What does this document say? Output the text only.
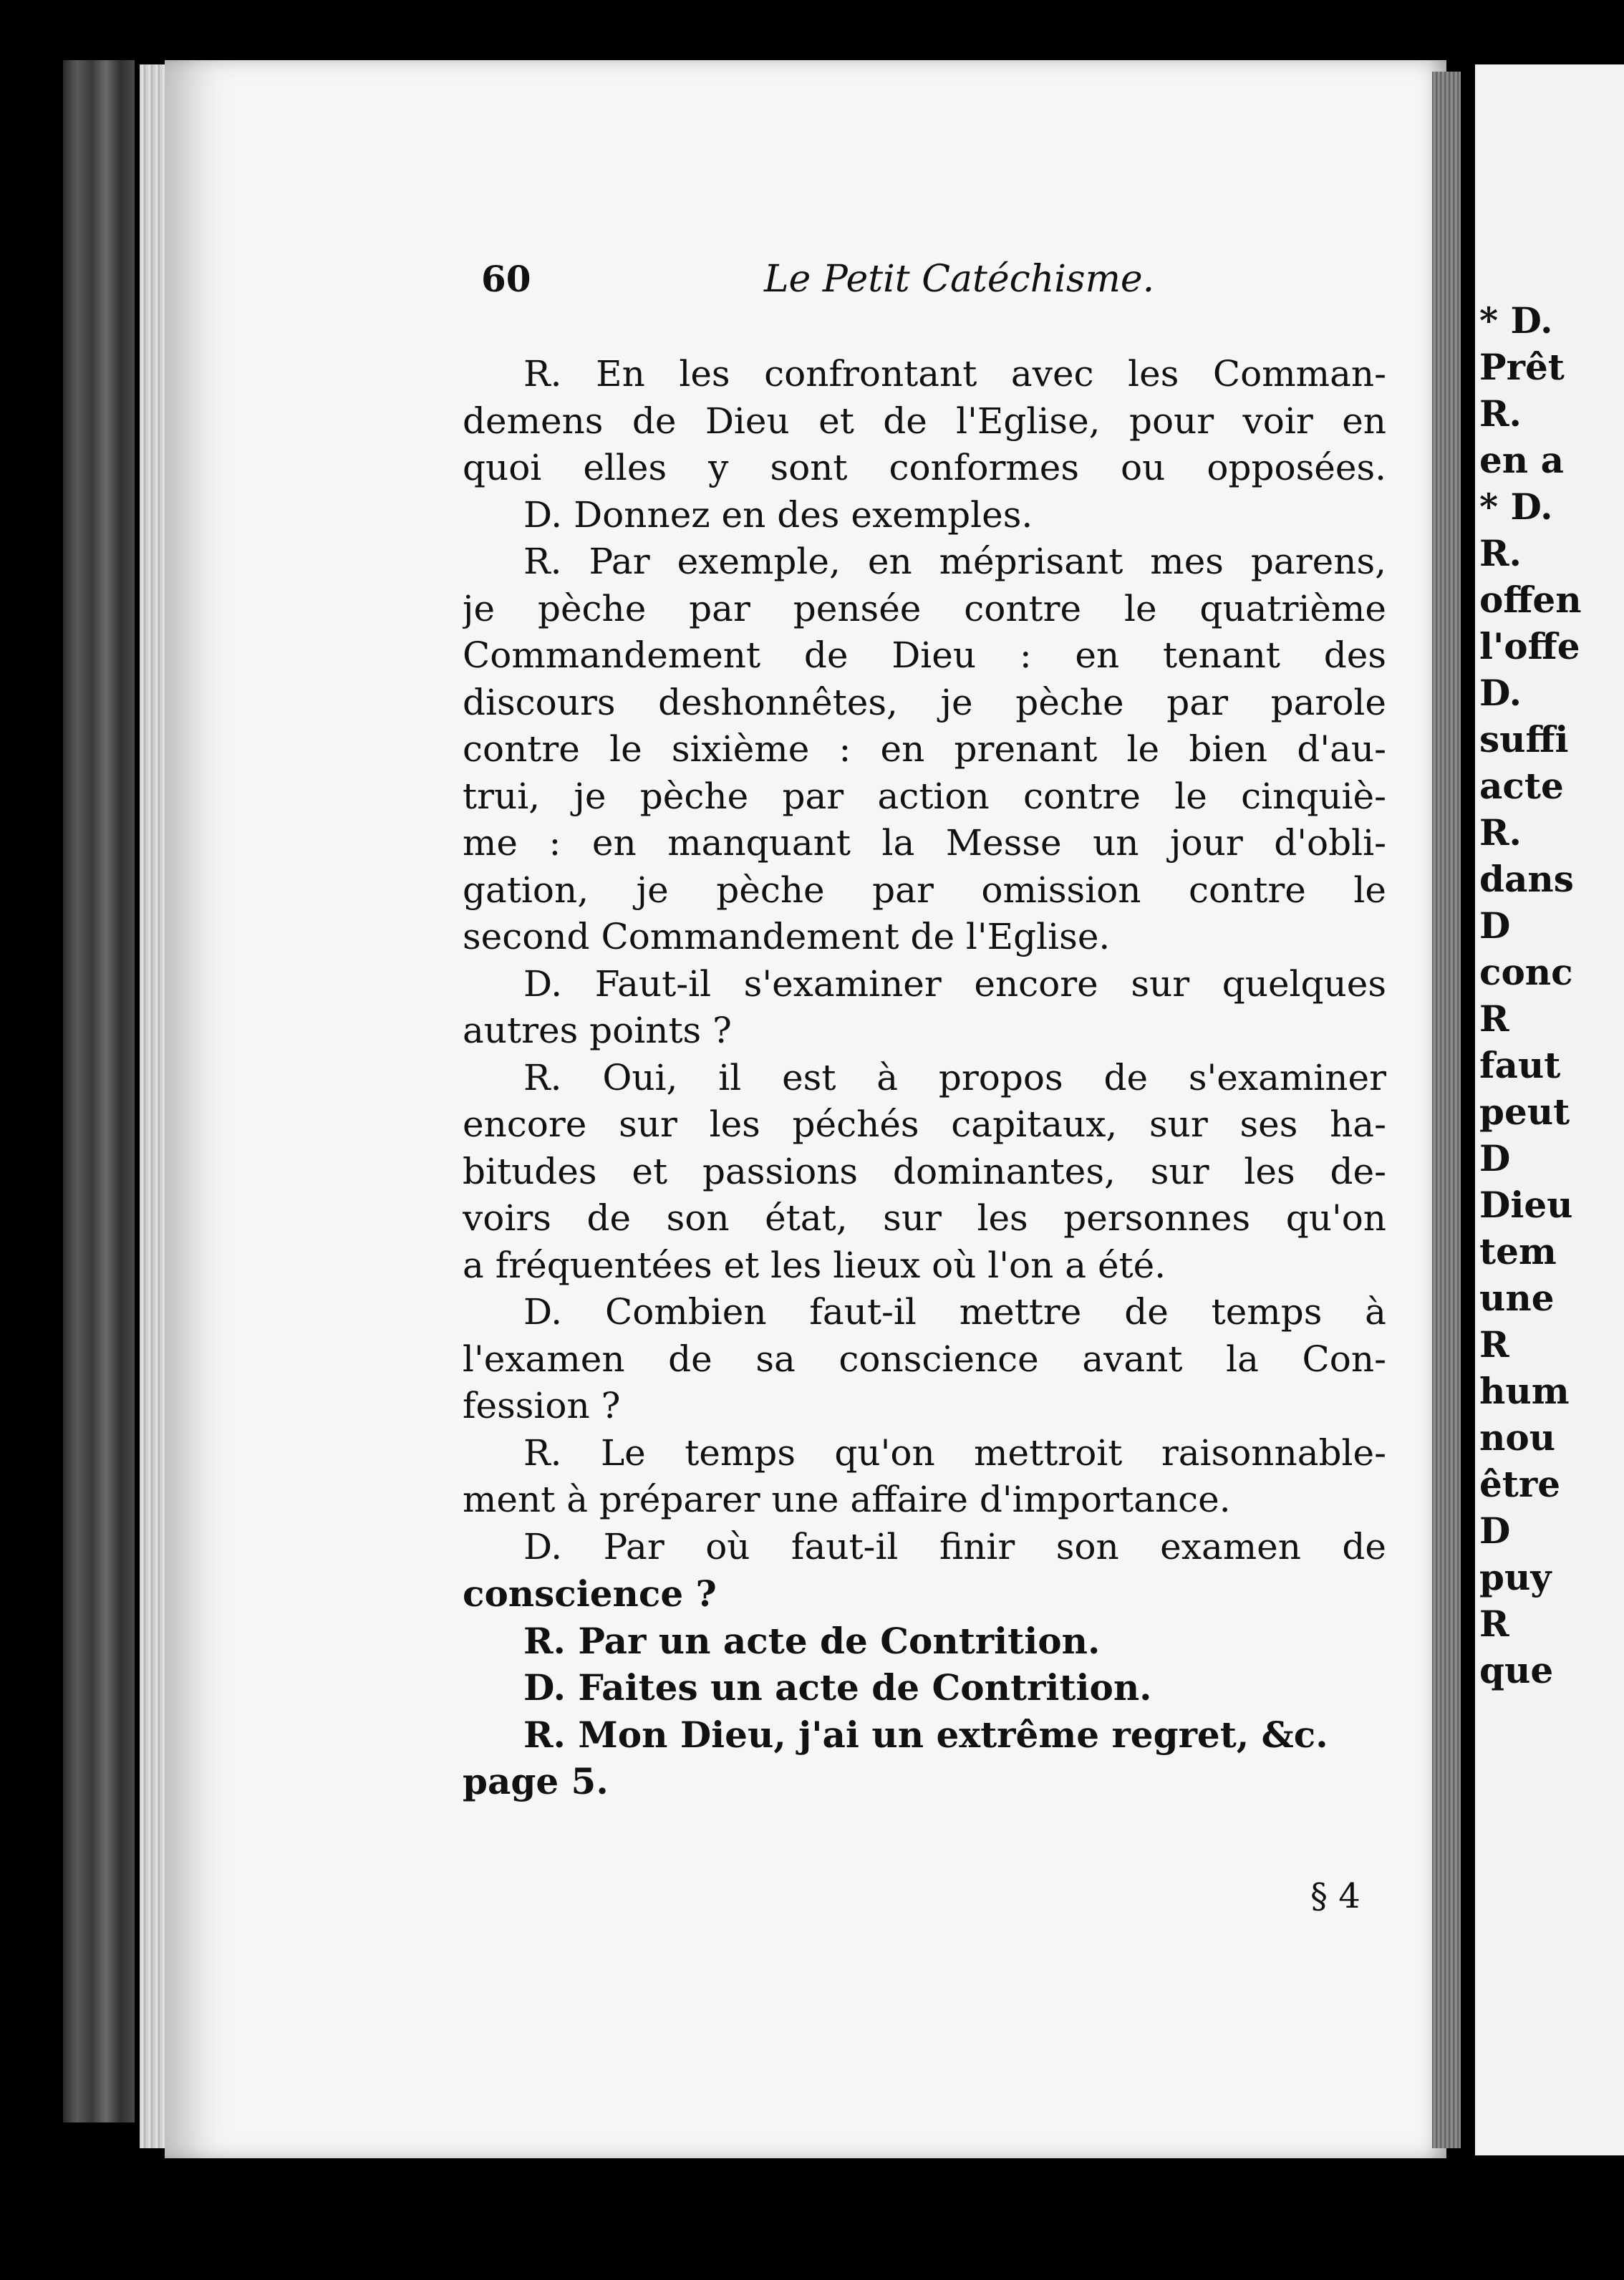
* D.
Prêt
R.
en a
* D.
R.
offen
l'offe
D.
suffi
acte
R.
dans
D
conc
R
faut
peut
D
Dieu
tem
une
R
hum
nou
être
D
puy
R
que
60	Le Petit Catéchisme.
R. En les confrontant avec les Comman-
demens de Dieu et de l'Eglise, pour voir en
quoi elles y sont conformes ou opposées.
D. Donnez en des exemples.
R. Par exemple, en méprisant mes parens,
je pèche par pensée contre le quatrième
Commandement de Dieu : en tenant des
discours deshonnêtes, je pèche par parole
contre le sixième : en prenant le bien d'au-
trui, je pèche par action contre le cinquiè-
me : en manquant la Messe un jour d'obli-
gation, je pèche par omission contre le
second Commandement de l'Eglise.
D. Faut-il s'examiner encore sur quelques
autres points ?
R. Oui, il est à propos de s'examiner
encore sur les péchés capitaux, sur ses ha-
bitudes et passions dominantes, sur les de-
voirs de son état, sur les personnes qu'on
a fréquentées et les lieux où l'on a été.
D. Combien faut-il mettre de temps à
l'examen de sa conscience avant la Con-
fession ?
R. Le temps qu'on mettroit raisonnable-
ment à préparer une affaire d'importance.
D. Par où faut-il finir son examen de
conscience ?
R. Par un acte de Contrition.
D. Faites un acte de Contrition.
R. Mon Dieu, j'ai un extrême regret, &c.
page 5.
§ 4
